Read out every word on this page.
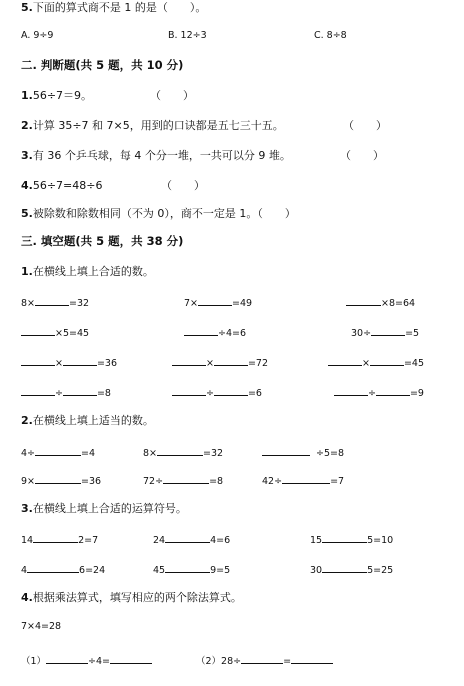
5.下面的算式商不是 1 的是（　　）。
A. 9÷9	B. 12÷3	C. 8÷8
二. 判断题(共 5 题，共 10 分)
1.56÷7＝9。	（　　）
2.计算 35÷7 和 7×5，用到的口诀都是五七三十五。	（　　）
3.有 36 个乒乓球，每 4 个分一堆，一共可以分 9 堆。	（　　）
4.56÷7=48÷6	（　　）
5.被除数和除数相同（不为 0），商不一定是 1。（　　）
三. 填空题(共 5 题，共 38 分)
1.在横线上填上合适的数。
8×	=32	7×	=49	×8=64
×5=45	÷4=6	30÷	=5
×	=36	×	=72	×	=45
÷	=8	÷	=6	÷	=9
2.在横线上填上适当的数。
4÷	=4	8×	=32	÷5=8
9×	=36	72÷	=8	42÷	=7
3.在横线上填上合适的运算符号。
14	2=7	24	4=6	15	5=10
4	6=24	45	9=5	30	5=25
4.根据乘法算式，填写相应的两个除法算式。
7×4=28
（1）	÷4=	（2）28÷	=
